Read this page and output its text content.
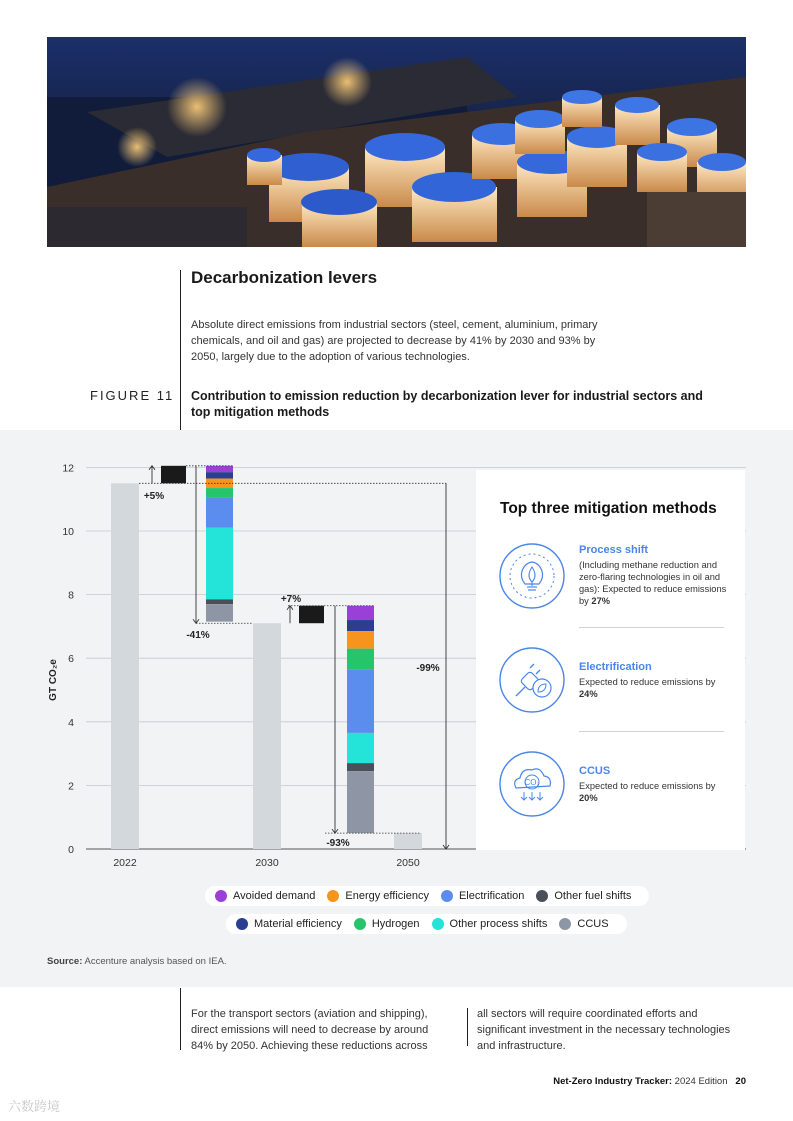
Decarbonization levers

Absolute direct emissions from industrial sectors (steel, cement, aluminium, primary chemicals, and oil and gas) are projected to decrease by 41% by 2030 and 93% by 2050, largely due to the adoption of various technologies.

FIGURE 11 Contribution to emission reduction by decarbonization lever for industrial sectors and top mitigation methods
0
2
4
6
8
10
12
2022	2030	2050
+5%
+7%
-41%
-93%
-99%
GT CO₂e
Top three mitigation methods
Process shift
(Including methane reduction and zero-flaring technologies in oil and gas): Expected to reduce emissions by 27%
Electrification
Expected to reduce emissions by 24%
CO₂
CCUS
Expected to reduce emissions by 20%
Avoided demand	Energy efficiency	Electrification	Other fuel shifts
Material efficiency	Hydrogen	Other process shifts	CCUS
Source: Accenture analysis based on IEA.

For the transport sectors (aviation and shipping), direct emissions will need to decrease by around 84% by 2050. Achieving these reductions across

all sectors will require coordinated efforts and significant investment in the necessary technologies and infrastructure.

Net-Zero Industry Tracker: 2024 Edition 20
六数跨境
